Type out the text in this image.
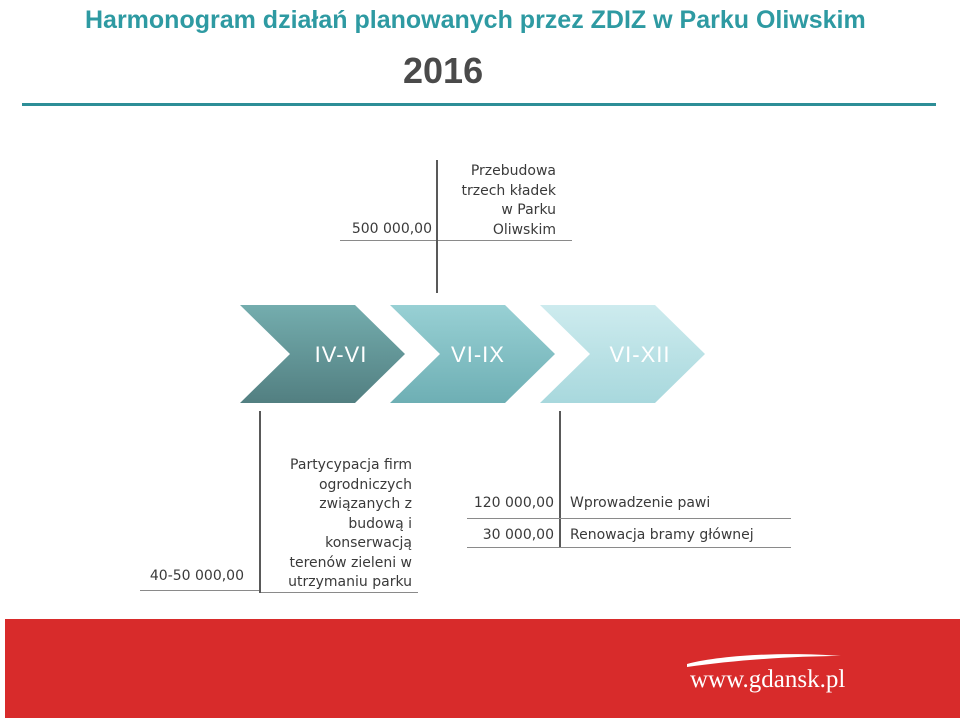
Harmonogram działań planowanych przez ZDIZ w Parku Oliwskim
2016
500 000,00
Przebudowa
trzech kładek
w Parku
Oliwskim
IV-VI	VI-IX	VI-XII
40-50 000,00
Partycypacja firm
ogrodniczych
związanych z
budową i
konserwacją
terenów zieleni w
utrzymaniu parku
120 000,00 Wprowadzenie pawi
30 000,00 Renowacja bramy głównej
www.gdansk.pl
